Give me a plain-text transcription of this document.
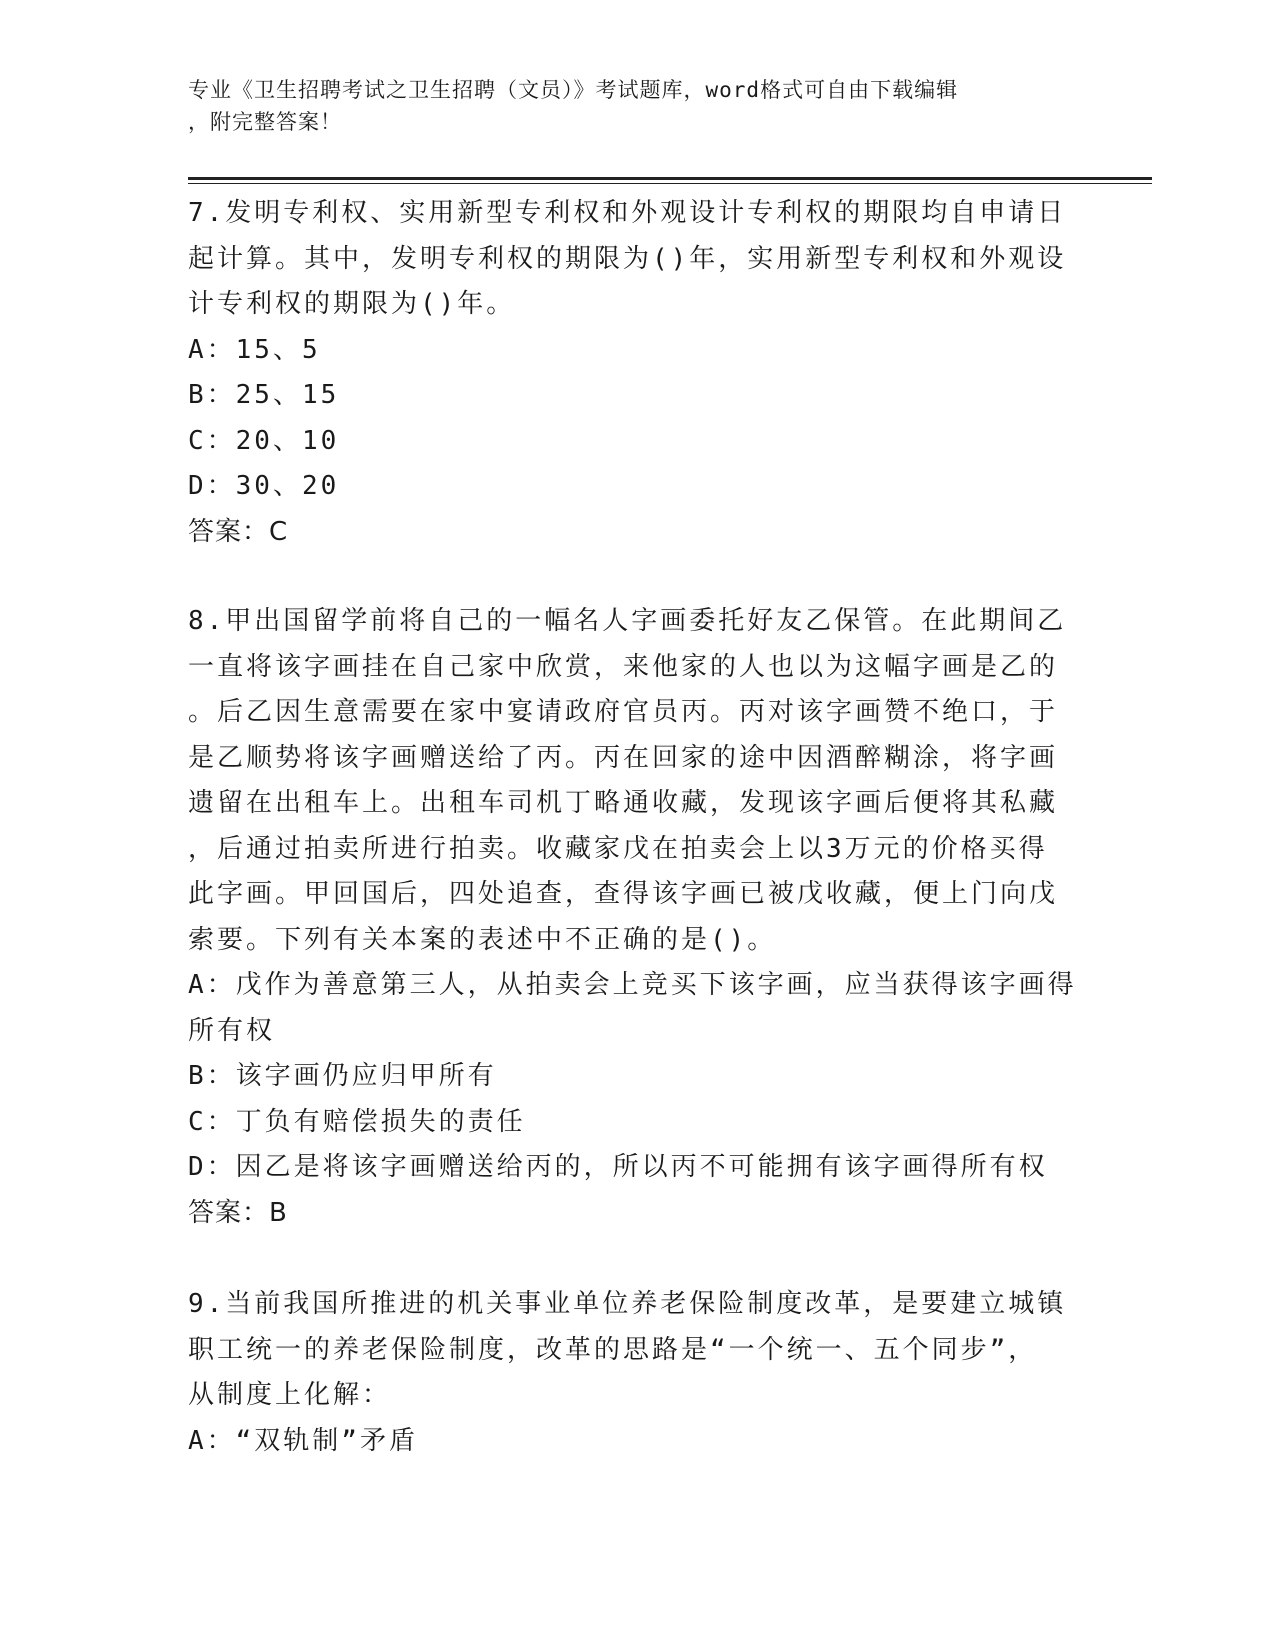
专业《卫生招聘考试之卫生招聘（文员）》考试题库，word格式可自由下载编辑
，附完整答案！
7.发明专利权、实用新型专利权和外观设计专利权的期限均自申请日
起计算。其中，发明专利权的期限为()年，实用新型专利权和外观设
计专利权的期限为()年。
A：15、5
B：25、15
C：20、10
D：30、20
答案：C
8.甲出国留学前将自己的一幅名人字画委托好友乙保管。在此期间乙
一直将该字画挂在自己家中欣赏，来他家的人也以为这幅字画是乙的
。后乙因生意需要在家中宴请政府官员丙。丙对该字画赞不绝口，于
是乙顺势将该字画赠送给了丙。丙在回家的途中因酒醉糊涂，将字画
遗留在出租车上。出租车司机丁略通收藏，发现该字画后便将其私藏
，后通过拍卖所进行拍卖。收藏家戊在拍卖会上以3万元的价格买得
此字画。甲回国后，四处追查，查得该字画已被戊收藏，便上门向戊
索要。下列有关本案的表述中不正确的是()。
A：戊作为善意第三人，从拍卖会上竞买下该字画，应当获得该字画得
所有权
B：该字画仍应归甲所有
C：丁负有赔偿损失的责任
D：因乙是将该字画赠送给丙的，所以丙不可能拥有该字画得所有权
答案：B
9.当前我国所推进的机关事业单位养老保险制度改革，是要建立城镇
职工统一的养老保险制度，改革的思路是“一个统一、五个同步”，
从制度上化解：
A：“双轨制”矛盾
